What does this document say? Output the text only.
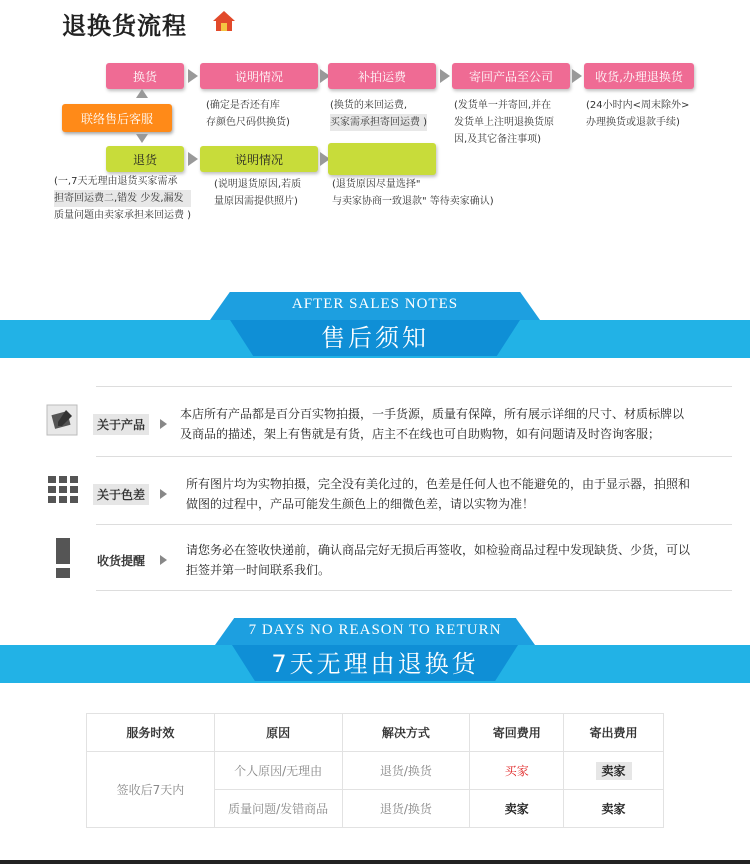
退换货流程
换货	说明情况	补拍运费	寄回产品至公司	收货,办理退换货
(确定是否还有库
存颜色尺码供换货)
(换货的来回运费,
买家需承担寄回运费 )
(发货单一并寄回,并在
发货单上注明退换货原
因,及其它备注事项)
(24小时内<周末除外>
办理换货或退款手续)
联络售后客服
退货	说明情况
(一,7天无理由退货买家需承
担寄回运费二,错发 少发,漏发
质量问题由卖家承担来回运费 )
(说明退货原因,若质
量原因需提供照片)
(退货原因尽量选择"
与卖家协商一致退款" 等待卖家确认)
AFTER SALES NOTES
售后须知
关于产品
本店所有产品都是百分百实物拍摄，一手货源，质量有保障，所有展示详细的尺寸、材质标牌以
及商品的描述，架上有售就是有货，店主不在线也可自助购物，如有问题请及时咨询客服；
关于色差
所有图片均为实物拍摄，完全没有美化过的，色差是任何人也不能避免的，由于显示器，拍照和
做图的过程中，产品可能发生颜色上的细微色差，请以实物为准！
收货提醒
请您务必在签收快递前，确认商品完好无损后再签收，如检验商品过程中发现缺货、少货，可以
拒签并第一时间联系我们。
7 DAYS NO REASON TO RETURN
7天无理由退换货
服务时效	原因	解决方式	寄回费用	寄出费用
签收后7天内	个人原因/无理由	退货/换货	买家	卖家
	质量问题/发错商品	退货/换货	卖家	卖家
